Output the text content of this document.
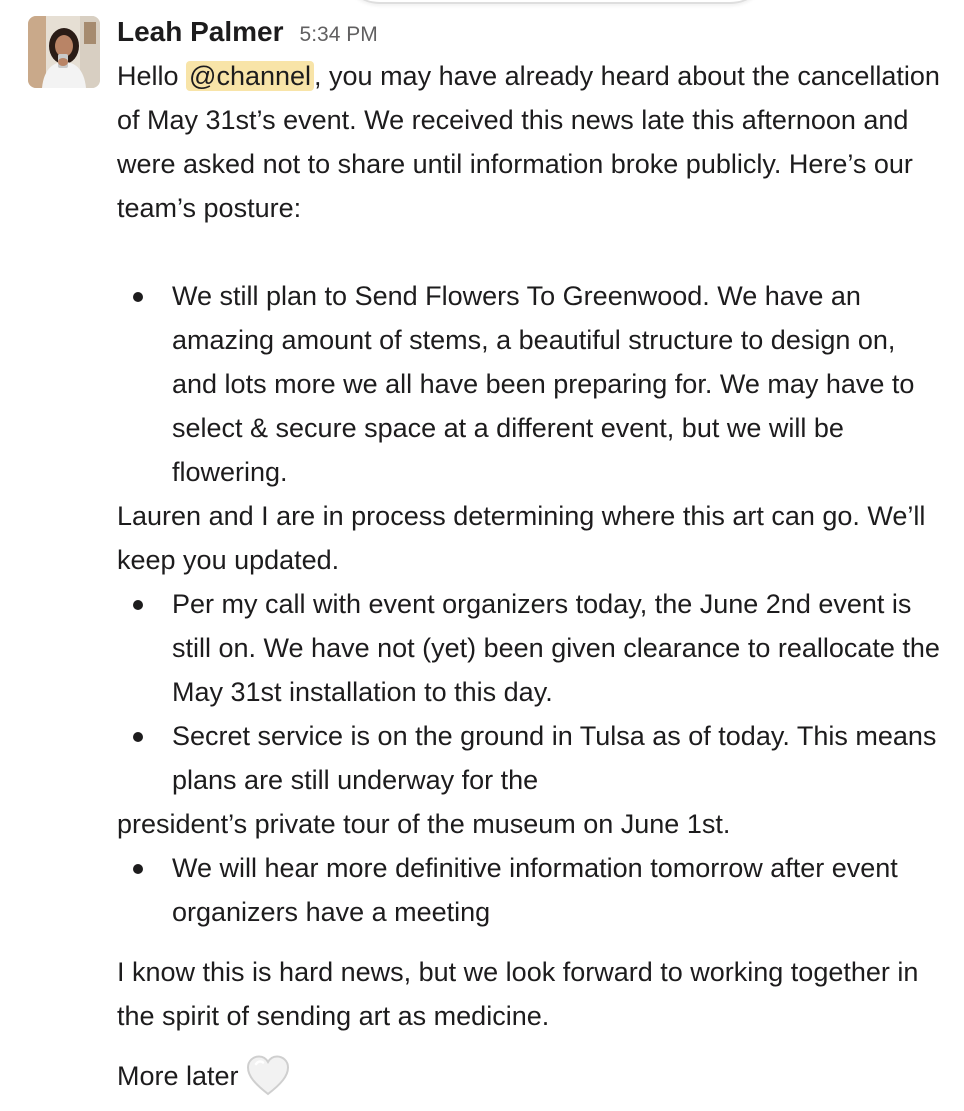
Leah Palmer 5:34 PM

Hello @channel , you may have already heard about the cancellation of May 31st’s event. We received this news late this afternoon and were asked not to share until information broke publicly. Here’s our team’s posture:

We still plan to Send Flowers To Greenwood. We have an amazing amount of stems, a beautiful structure to design on, and lots more we all have been preparing for. We may have to select & secure space at a different event, but we will be flowering.

Lauren and I are in process determining where this art can go. We’ll keep you updated.

Per my call with event organizers today, the June 2nd event is still on. We have not (yet) been given clearance to reallocate the May 31st installation to this day.
Secret service is on the ground in Tulsa as of today. This means plans are still underway for the

president’s private tour of the museum on June 1st.

We will hear more definitive information tomorrow after event organizers have a meeting

I know this is hard news, but we look forward to working together in the spirit of sending art as medicine.

More later
